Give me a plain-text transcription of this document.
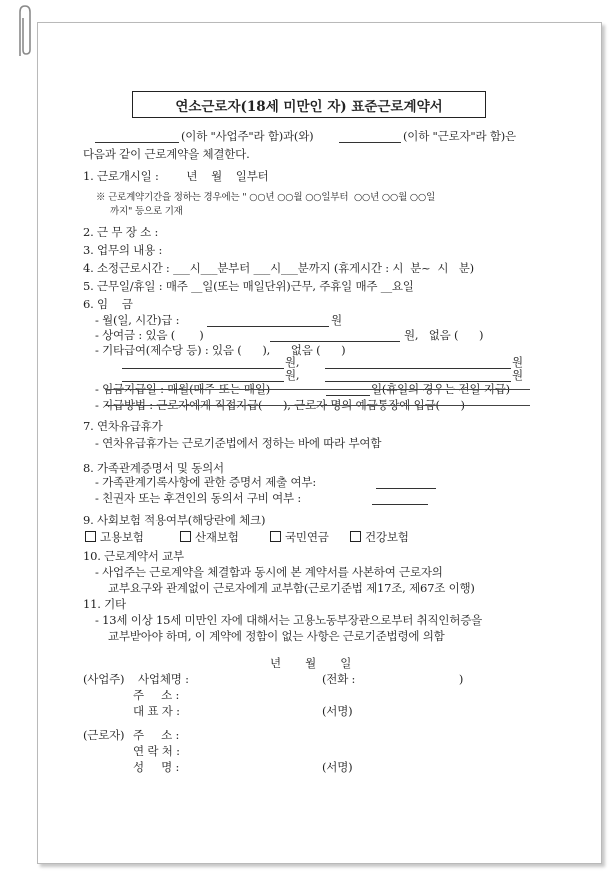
연소근로자(18세 미만인 자) 표준근로계약서
(이하 "사업주"라 함)과(와)	(이하 "근로자"라 함)은
다음과 같이 근로계약을 체결한다.
1. 근로개시일 :        년    월    일부터
※ 근로계약기간을 정하는 경우에는 " ○○년 ○○월 ○○일부터  ○○년 ○○월 ○○일
까지" 등으로 기재
2. 근 무 장 소 :
3. 업무의 내용 :
4. 소정근로시간 : ___시___분부터 ___시___분까지 (휴게시간 : 시  분~  시   분)
5. 근무일/휴일 : 매주 __일(또는 매일단위)근무, 주휴일 매주 __요일
6. 임    금
- 월(일, 시간)급 :	원
- 상여금 : 있음 (       )	원,   없음 (      )
- 기타급여(제수당 등) : 있음 (      ),      없음 (      )
원,	원
원,	원
- 임금지급일 : 매월(매주 또는 매일)	일(휴일의 경우는 전일 지급)
- 지급방법 : 근로자에게 직접지급(      ), 근로자 명의 예금통장에 입금(      )
7. 연차유급휴가
- 연차유급휴가는 근로기준법에서 정하는 바에 따라 부여함
8. 가족관계증명서 및 동의서
- 가족관계기록사항에 관한 증명서 제출 여부:
- 친권자 또는 후견인의 동의서 구비 여부 :
9. 사회보험 적용여부(해당란에 체크)
고용보험	산재보험	국민연금	건강보험
10. 근로계약서 교부
- 사업주는 근로계약을 체결함과 동시에 본 계약서를 사본하여 근로자의
교부요구와 관계없이 근로자에게 교부함(근로기준법 제17조, 제67조 이행)
11. 기타
- 13세 이상 15세 미만인 자에 대해서는 고용노동부장관으로부터 취직인허증을
교부받아야 하며, 이 계약에 정함이 없는 사항은 근로기준법령에 의함
년       월       일
(사업주) 사업체명 :	(전화 :                              )
주     소 :
대 표 자 :	(서명)
(근로자) 주     소 :
연 락 처 :
성     명 :	(서명)
